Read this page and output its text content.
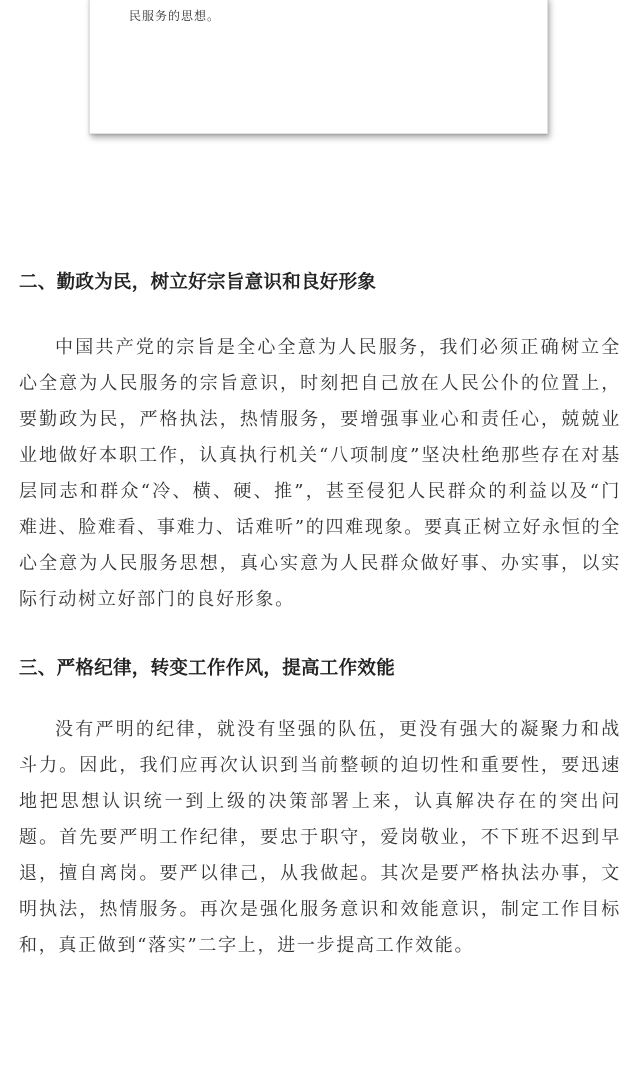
民服务的思想。
二、勤政为民，树立好宗旨意识和良好形象

中国共产党的宗旨是全心全意为人民服务，我们必须正确树立全心全意为人民服务的宗旨意识，时刻把自己放在人民公仆的位置上，要勤政为民，严格执法，热情服务，要增强事业心和责任心，兢兢业业地做好本职工作，认真执行机关“八项制度”坚决杜绝那些存在对基层同志和群众“冷、横、硬、推”，甚至侵犯人民群众的利益以及“门难进、脸难看、事难力、话难听”的四难现象。要真正树立好永恒的全心全意为人民服务思想，真心实意为人民群众做好事、办实事，以实际行动树立好部门的良好形象。

三、严格纪律，转变工作作风，提高工作效能

没有严明的纪律，就没有坚强的队伍，更没有强大的凝聚力和战斗力。因此，我们应再次认识到当前整顿的迫切性和重要性，要迅速地把思想认识统一到上级的决策部署上来，认真解决存在的突出问题。首先要严明工作纪律，要忠于职守，爱岗敬业，不下班不迟到早退，擅自离岗。要严以律己，从我做起。其次是要严格执法办事，文明执法，热情服务。再次是强化服务意识和效能意识，制定工作目标和，真正做到“落实”二字上，进一步提高工作效能。
